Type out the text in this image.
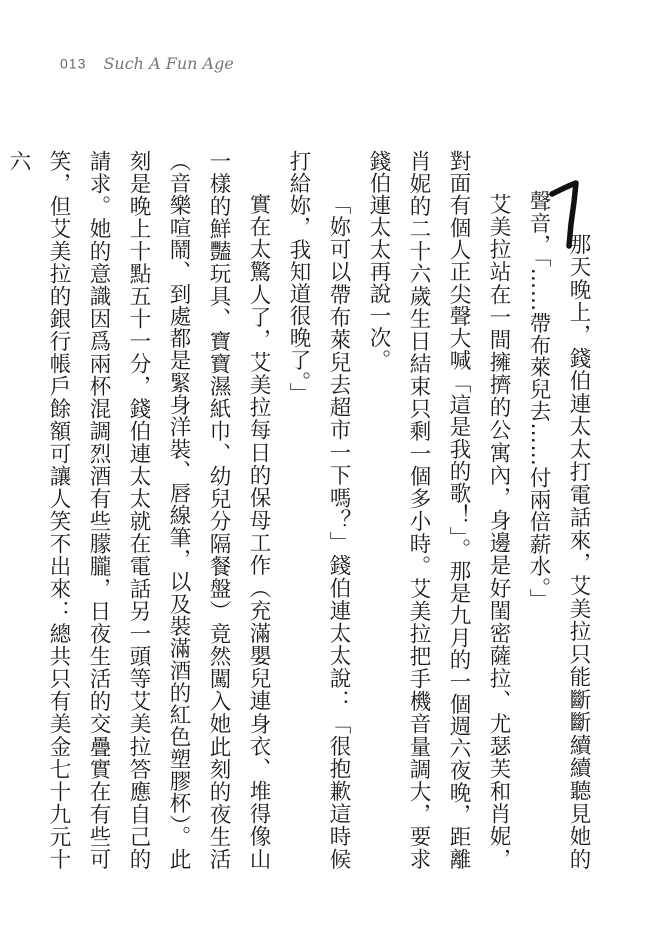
013 Such A Fun Age

那天晚上，錢伯連太太打電話來，艾美拉只能斷斷續續聽見她的聲音，「……帶布萊兒去……付兩倍薪水。」

艾美拉站在一間擁擠的公寓內，身邊是好閨密薩拉、尤瑟芙和肖妮，對面有個人正尖聲大喊「這是我的歌！」。那是九月的一個週六夜晚，距離肖妮的二十六歲生日結束只剩一個多小時。艾美拉把手機音量調大，要求錢伯連太太再說一次。

「妳可以帶布萊兒去超市一下嗎？」錢伯連太太說：「很抱歉這時候打給妳，我知道很晚了。」

實在太驚人了，艾美拉每日的保母工作（充滿嬰兒連身衣、堆得像山一樣的鮮豔玩具、寶寶濕紙巾、幼兒分隔餐盤）竟然闖入她此刻的夜生活（音樂喧鬧、到處都是緊身洋裝、唇線筆，以及裝滿酒的紅色塑膠杯）。此刻是晚上十點五十一分，錢伯連太太就在電話另一頭等艾美拉答應自己的請求。她的意識因爲兩杯混調烈酒有些朦朧，日夜生活的交疊實在有些可笑，但艾美拉的銀行帳戶餘額可讓人笑不出來：總共只有美金七十九元十六
